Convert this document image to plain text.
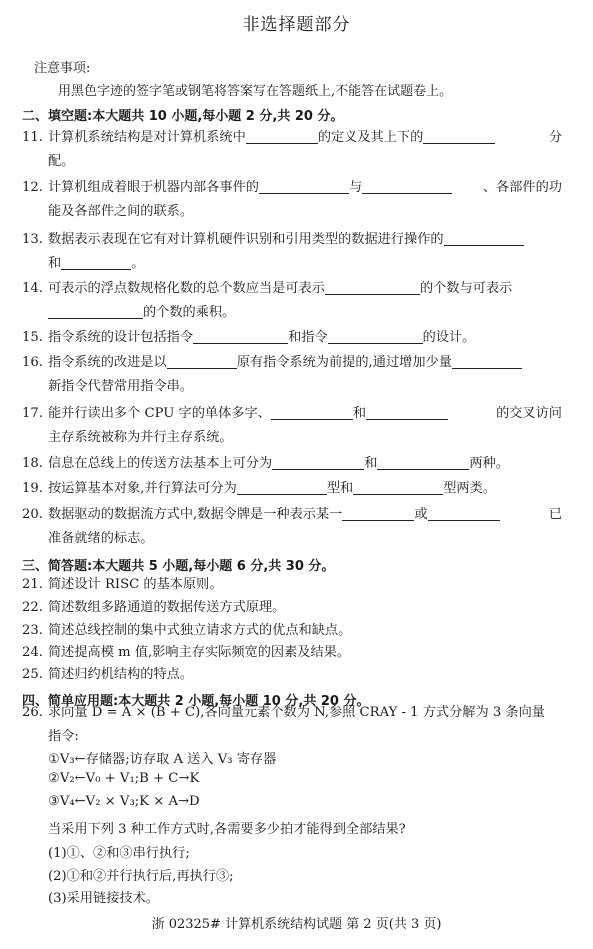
非选择题部分
注意事项:
用黑色字迹的签字笔或钢笔将答案写在答题纸上,不能答在试题卷上。
二、填空题:本大题共 10 小题,每小题 2 分,共 20 分。
11. 计算机系统结构是对计算机系统中	的定义及其上下的	分
配。
12. 计算机组成着眼于机器内部各事件的	与	、各部件的功
能及各部件之间的联系。
13. 数据表示表现在它有对计算机硬件识别和引用类型的数据进行操作的
和	。
14. 可表示的浮点数规格化数的总个数应当是可表示	的个数与可表示
的个数的乘积。
15. 指令系统的设计包括指令	和指令	的设计。
16. 指令系统的改进是以	原有指令系统为前提的,通过增加少量
新指令代替常用指令串。
17. 能并行读出多个 CPU 字的单体多字、	和	的交叉访问
主存系统被称为并行主存系统。
18. 信息在总线上的传送方法基本上可分为	和	两种。
19. 按运算基本对象,并行算法可分为	型和	型两类。
20. 数据驱动的数据流方式中,数据令牌是一种表示某一	或	已
准备就绪的标志。
三、简答题:本大题共 5 小题,每小题 6 分,共 30 分。
21. 简述设计 RISC 的基本原则。
22. 简述数组多路通道的数据传送方式原理。
23. 简述总线控制的集中式独立请求方式的优点和缺点。
24. 简述提高模 m 值,影响主存实际频宽的因素及结果。
25. 简述归约机结构的特点。
四、简单应用题:本大题共 2 小题,每小题 10 分,共 20 分。
26. 求向量 D = A × (B + C),各向量元素个数为 N,参照 CRAY - 1 方式分解为 3 条向量
指令:
①V₃←存储器;访存取 A 送入 V₃ 寄存器
②V₂←V₀ + V₁;B + C→K
③V₄←V₂ × V₃;K × A→D
当采用下列 3 种工作方式时,各需要多少拍才能得到全部结果?
(1)①、②和③串行执行;
(2)①和②并行执行后,再执行③;
(3)采用链接技术。
浙 02325# 计算机系统结构试题 第 2 页(共 3 页)
